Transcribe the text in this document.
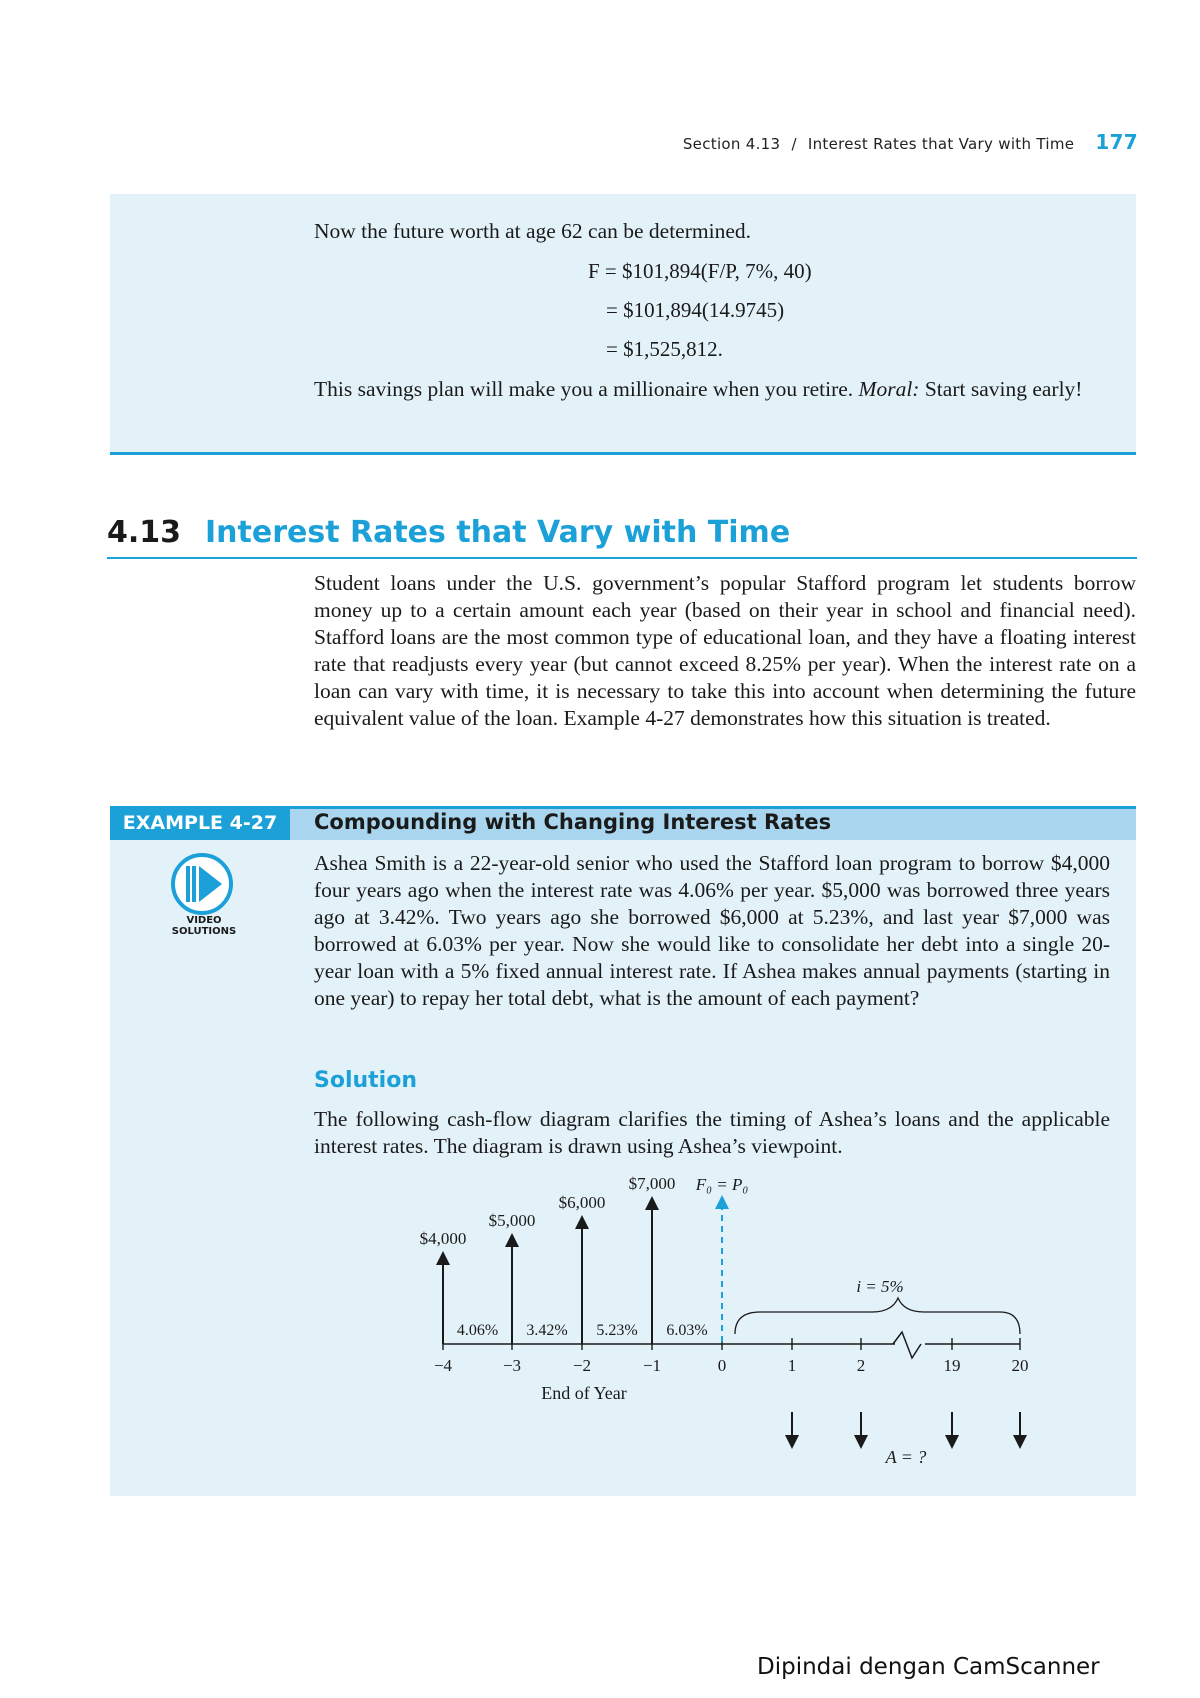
Section 4.13 / Interest Rates that Vary with Time 177
Now the future worth at age 62 can be determined.
F = $101,894(F/P, 7%, 40)
= $101,894(14.9745)
= $1,525,812.
This savings plan will make you a millionaire when you retire. Moral: Start saving early!
4.13 Interest Rates that Vary with Time
Student loans under the U.S. government’s popular Stafford program let students borrow money up to a certain amount each year (based on their year in school and financial need). Stafford loans are the most common type of educational loan, and they have a floating interest rate that readjusts every year (but cannot exceed 8.25% per year). When the interest rate on a loan can vary with time, it is necessary to take this into account when determining the future equivalent value of the loan. Example 4-27 demonstrates how this situation is treated.
EXAMPLE 4-27	Compounding with Changing Interest Rates
VIDEO
SOLUTIONS
Ashea Smith is a 22-year-old senior who used the Stafford loan program to borrow $4,000 four years ago when the interest rate was 4.06% per year. $5,000 was borrowed three years ago at 3.42%. Two years ago she borrowed $6,000 at 5.23%, and last year $7,000 was borrowed at 6.03% per year. Now she would like to consolidate her debt into a single 20-year loan with a 5% fixed annual interest rate. If Ashea makes annual payments (starting in one year) to repay her total debt, what is the amount of each payment?
Solution
The following cash-flow diagram clarifies the timing of Ashea’s loans and the applicable interest rates. The diagram is drawn using Ashea’s viewpoint.
−4	−3	−2	−1	0	1	2	19	20
$4,000
$5,000
$6,000
$7,000
4.06% 3.42% 5.23% 6.03%
F₀ = P₀
i = 5%
End of Year
A = ?
Dipindai dengan CamScanner
